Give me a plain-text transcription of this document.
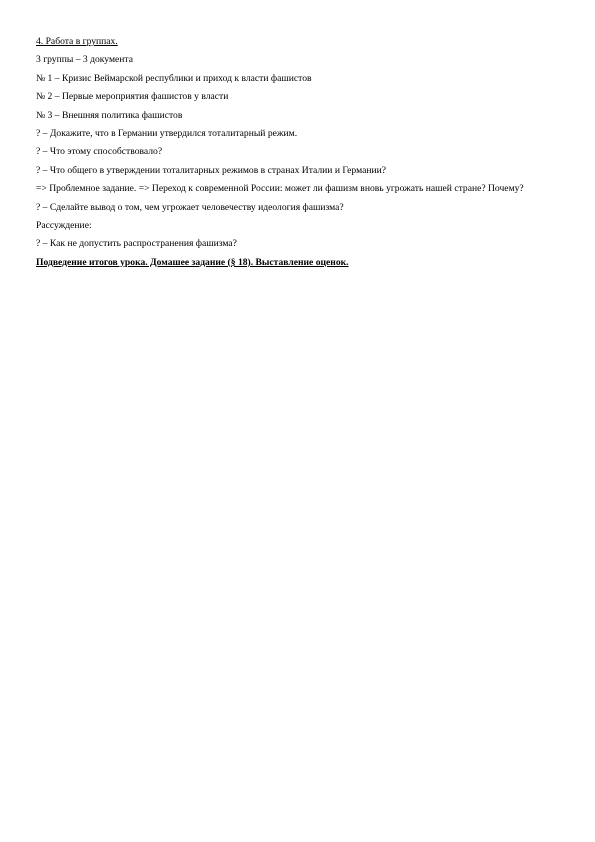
4. Работа в группах.
3 группы – 3 документа
№ 1 – Кризис Веймарской республики и приход к власти фашистов
№ 2 – Первые мероприятия фашистов у власти
№ 3 – Внешняя политика фашистов
? – Докажите, что в Германии утвердился тоталитарный режим.
? – Что этому способствовало?
? – Что общего в утверждении тоталитарных режимов в странах Италии и Германии?
=> Проблемное задание. => Переход к современной России: может ли фашизм вновь угрожать нашей стране? Почему?
? – Сделайте вывод о том, чем угрожает человечеству идеология фашизма?
Рассуждение:
? – Как не допустить распространения фашизма?
Подведение итогов урока. Домашее задание (§ 18). Выставление оценок.
